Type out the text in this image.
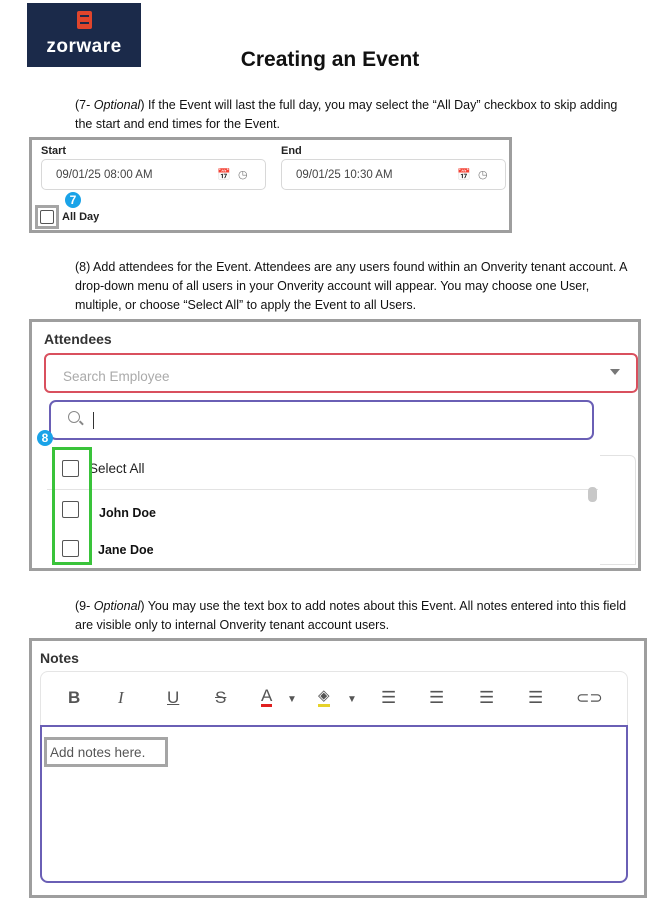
zorware
Creating an Event
(7- Optional) If the Event will last the full day, you may select the “All Day” checkbox to skip adding the start and end times for the Event.
Start	End
09/01/25 08:00 AM	📅 ◷	09/01/25 10:30 AM	📅 ◷
7
All Day
(8) Add attendees for the Event. Attendees are any users found within an Onverity tenant account. A drop-down menu of all users in your Onverity account will appear. You may choose one User, multiple, or choose “Select All” to apply the Event to all Users.
Attendees
Search Employee
Select All
John Doe
Jane Doe
8
(9- Optional) You may use the text box to add notes about this Event. All notes entered into this field are visible only to internal Onverity tenant account users.
Notes
B I	U S A ▼ ◈ ▼ ☰ ☰ ☰ ☰ ⊂⊃
Add notes here.
